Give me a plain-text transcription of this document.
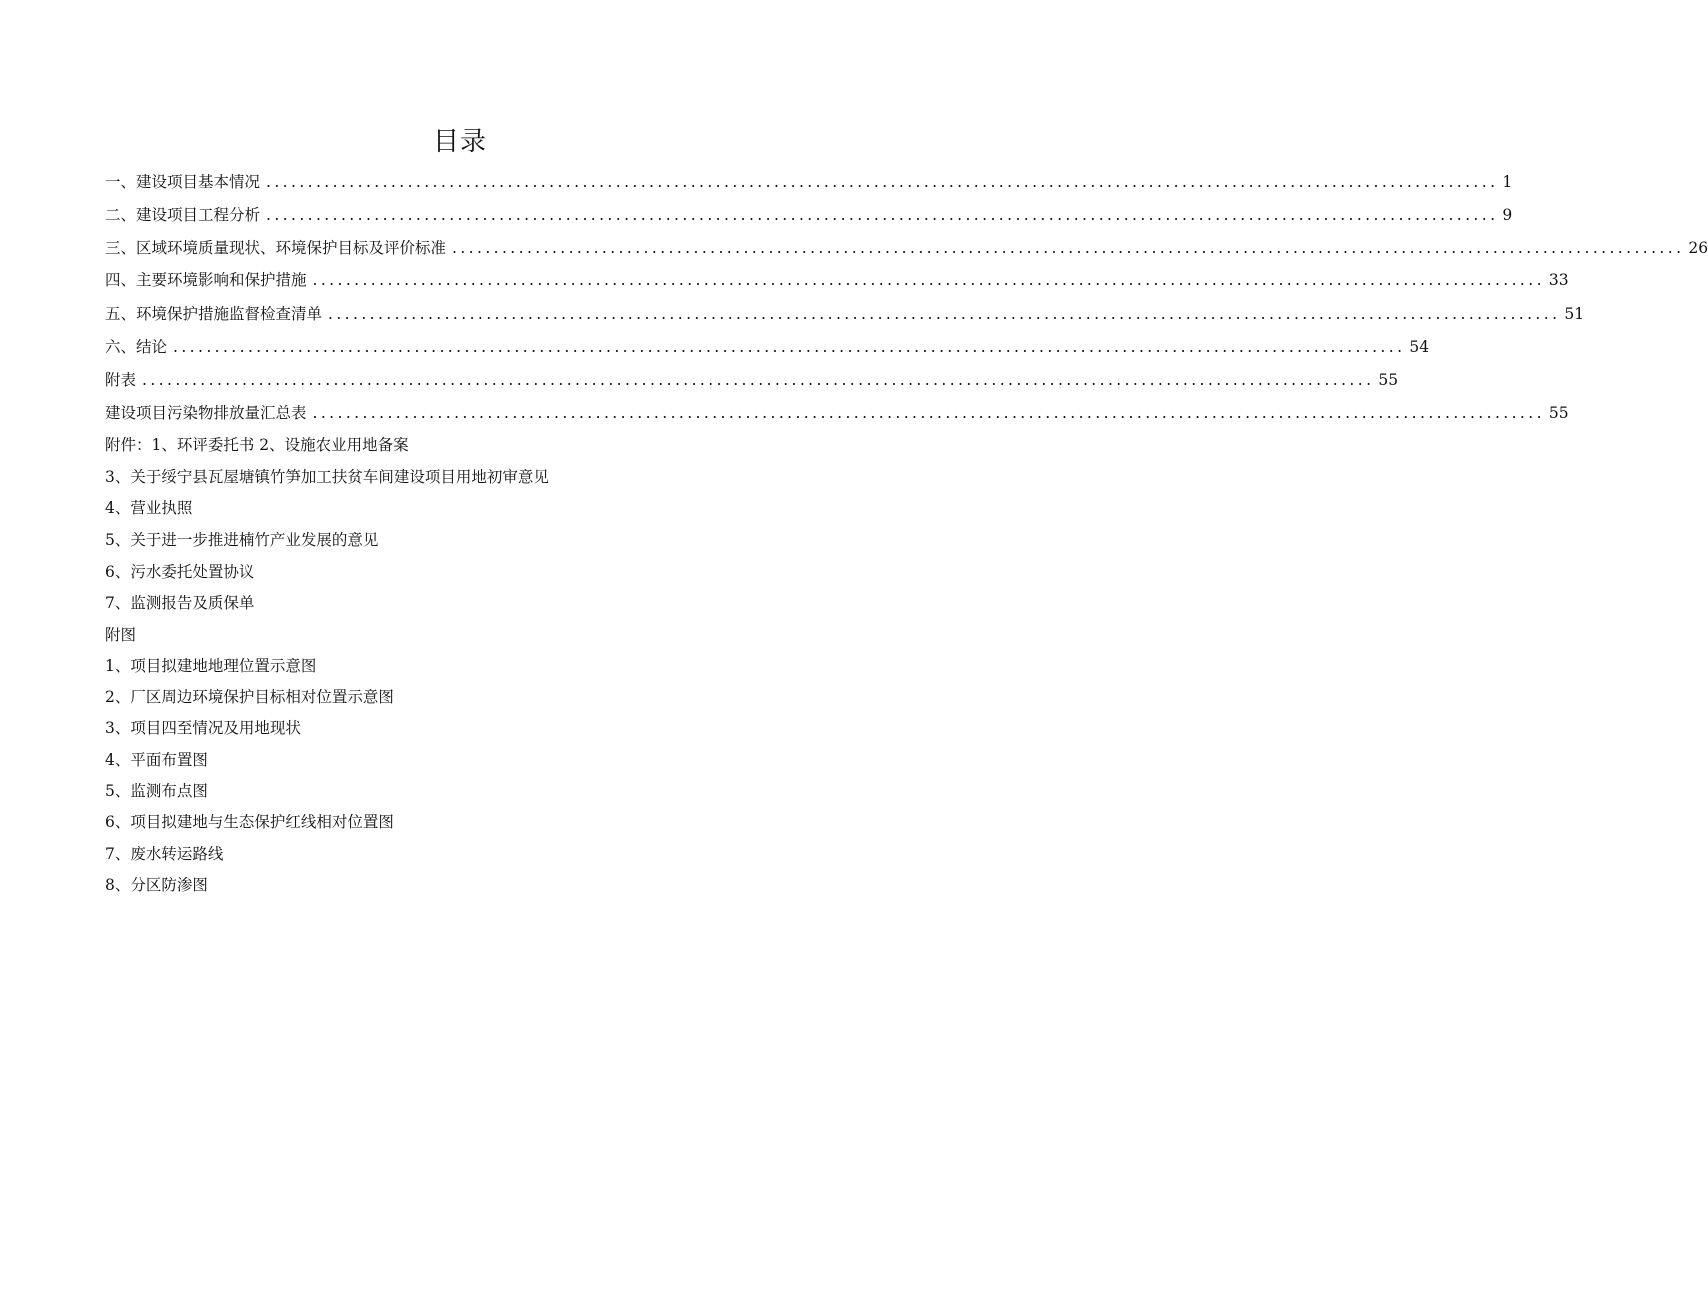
目录
一、建设项目基本情况 .................................................................................................................................................... 1
二、建设项目工程分析 .................................................................................................................................................... 9
三、区域环境质量现状、环境保护目标及评价标准 .................................................................................................................................................... 26
四、主要环境影响和保护措施 .................................................................................................................................................... 33
五、环境保护措施监督检查清单 .................................................................................................................................................... 51
六、结论 .................................................................................................................................................... 54
附表 .................................................................................................................................................... 55
建设项目污染物排放量汇总表 .................................................................................................................................................... 55
附件：1、环评委托书 2、设施农业用地备案
3、关于绥宁县瓦屋塘镇竹笋加工扶贫车间建设项目用地初审意见
4、营业执照
5、关于进一步推进楠竹产业发展的意见
6、污水委托处置协议
7、监测报告及质保单
附图
1、项目拟建地地理位置示意图
2、厂区周边环境保护目标相对位置示意图
3、项目四至情况及用地现状
4、平面布置图
5、监测布点图
6、项目拟建地与生态保护红线相对位置图
7、废水转运路线
8、分区防渗图
